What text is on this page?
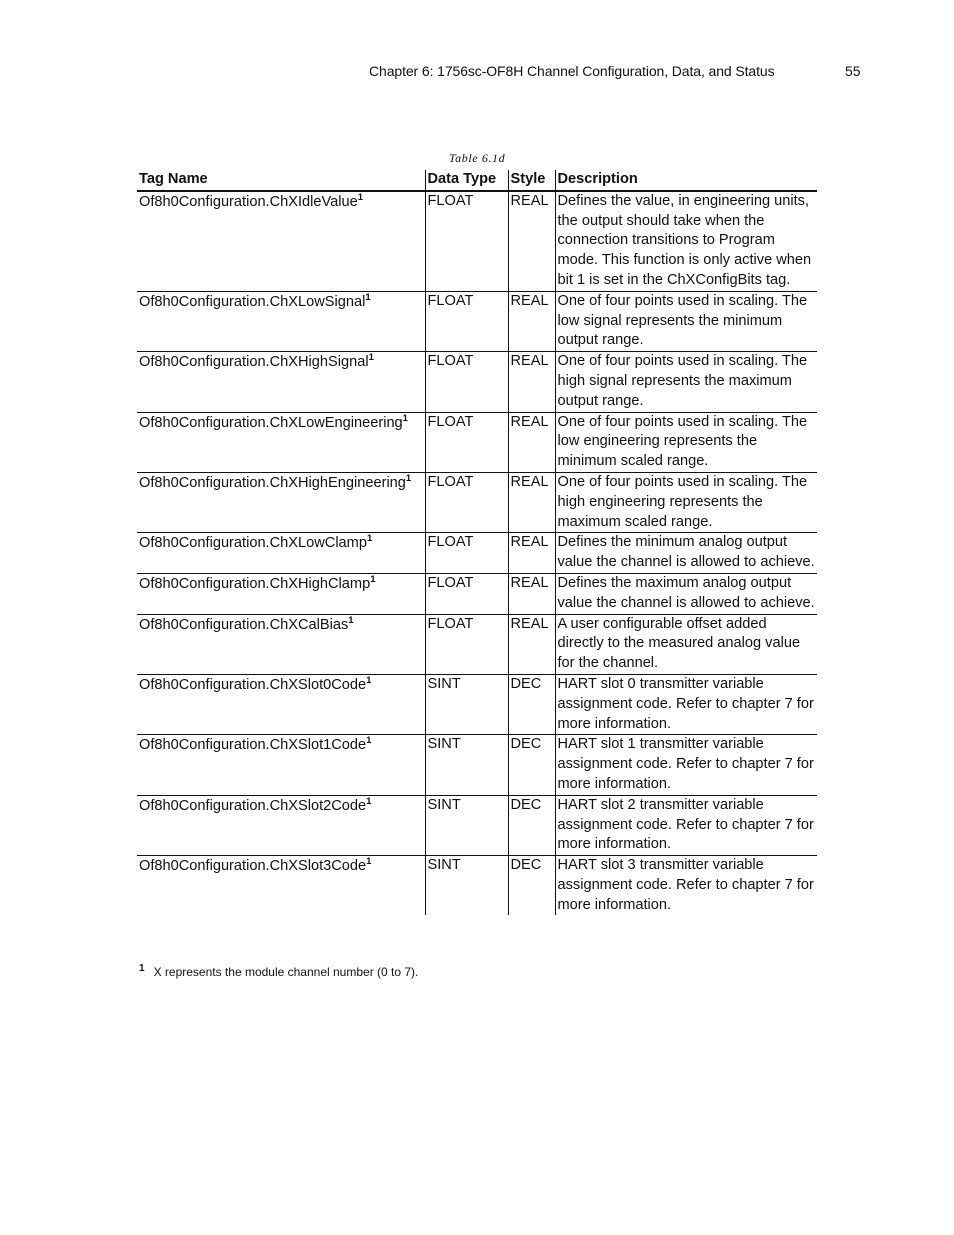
Chapter 6: 1756sc-OF8H Channel Configuration, Data, and Status	55
Table 6.1d
Tag Name	Data Type	Style	Description
Of8h0Configuration.ChXIdleValue$^1$	FLOAT	REAL	Defines the value, in engineering units, the output should take when the connection transitions to Program mode. This function is only active when bit 1 is set in the ChXConfigBits tag.
Of8h0Configuration.ChXLowSignal$^1$	FLOAT	REAL	One of four points used in scaling. The low signal represents the minimum output range.
Of8h0Configuration.ChXHighSignal$^1$	FLOAT	REAL	One of four points used in scaling. The high signal represents the maximum output range.
Of8h0Configuration.ChXLowEngineering$^1$	FLOAT	REAL	One of four points used in scaling. The low engineering represents the minimum scaled range.
Of8h0Configuration.ChXHighEngineering$^1$	FLOAT	REAL	One of four points used in scaling. The high engineering represents the maximum scaled range.
Of8h0Configuration.ChXLowClamp$^1$	FLOAT	REAL	Defines the minimum analog output value the channel is allowed to achieve.
Of8h0Configuration.ChXHighClamp$^1$	FLOAT	REAL	Defines the maximum analog output value the channel is allowed to achieve.
Of8h0Configuration.ChXCalBias$^1$	FLOAT	REAL	A user configurable offset added directly to the measured analog value for the channel.
Of8h0Configuration.ChXSlot0Code$^1$	SINT	DEC	HART slot 0 transmitter variable assignment code. Refer to chapter 7 for more information.
Of8h0Configuration.ChXSlot1Code$^1$	SINT	DEC	HART slot 1 transmitter variable assignment code. Refer to chapter 7 for more information.
Of8h0Configuration.ChXSlot2Code$^1$	SINT	DEC	HART slot 2 transmitter variable assignment code. Refer to chapter 7 for more information.
Of8h0Configuration.ChXSlot3Code$^1$	SINT	DEC	HART slot 3 transmitter variable assignment code. Refer to chapter 7 for more information.
$^1$ X represents the module channel number (0 to 7).
